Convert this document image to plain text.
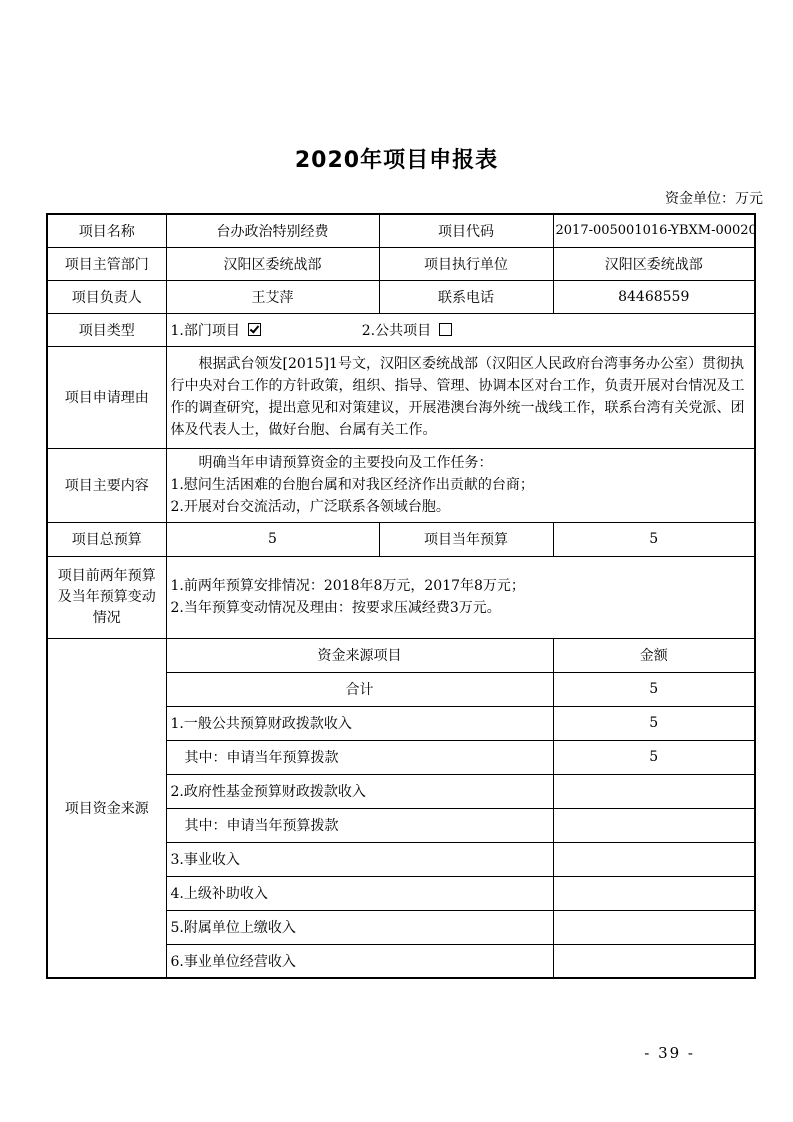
2020年项目申报表
资金单位：万元
项目名称	台办政治特别经费	项目代码	2017-005001016-YBXM-00020
项目主管部门	汉阳区委统战部	项目执行单位	汉阳区委统战部
项目负责人	王艾萍	联系电话	84468559
项目类型	1.部门项目 2.公共项目		
项目申请理由	根据武台领发[2015]1号文，汉阳区委统战部（汉阳区人民政府台湾事务办公室）贯彻执行中央对台工作的方针政策，组织、指导、管理、协调本区对台工作，负责开展对台情况及工作的调查研究，提出意见和对策建议，开展港澳台海外统一战线工作，联系台湾有关党派、团体及代表人士，做好台胞、台属有关工作。		
项目主要内容	明确当年申请预算资金的主要投向及工作任务：
1.慰问生活困难的台胞台属和对我区经济作出贡献的台商；
2.开展对台交流活动，广泛联系各领域台胞。		

项目总预算	5	项目当年预算	5
项目前两年预算及当年预算变动情况	1.前两年预算安排情况：2018年8万元，2017年8万元；
2.当年预算变动情况及理由：按要求压减经费3万元。		

项目资金来源	资金来源项目		金额
	合计		5
	1.一般公共预算财政拨款收入		5
	其中：申请当年预算拨款		5
	2.政府性基金预算财政拨款收入		
	其中：申请当年预算拨款		
	3.事业收入		
	4.上级补助收入		
	5.附属单位上缴收入		
	6.事业单位经营收入		
- 39 -
